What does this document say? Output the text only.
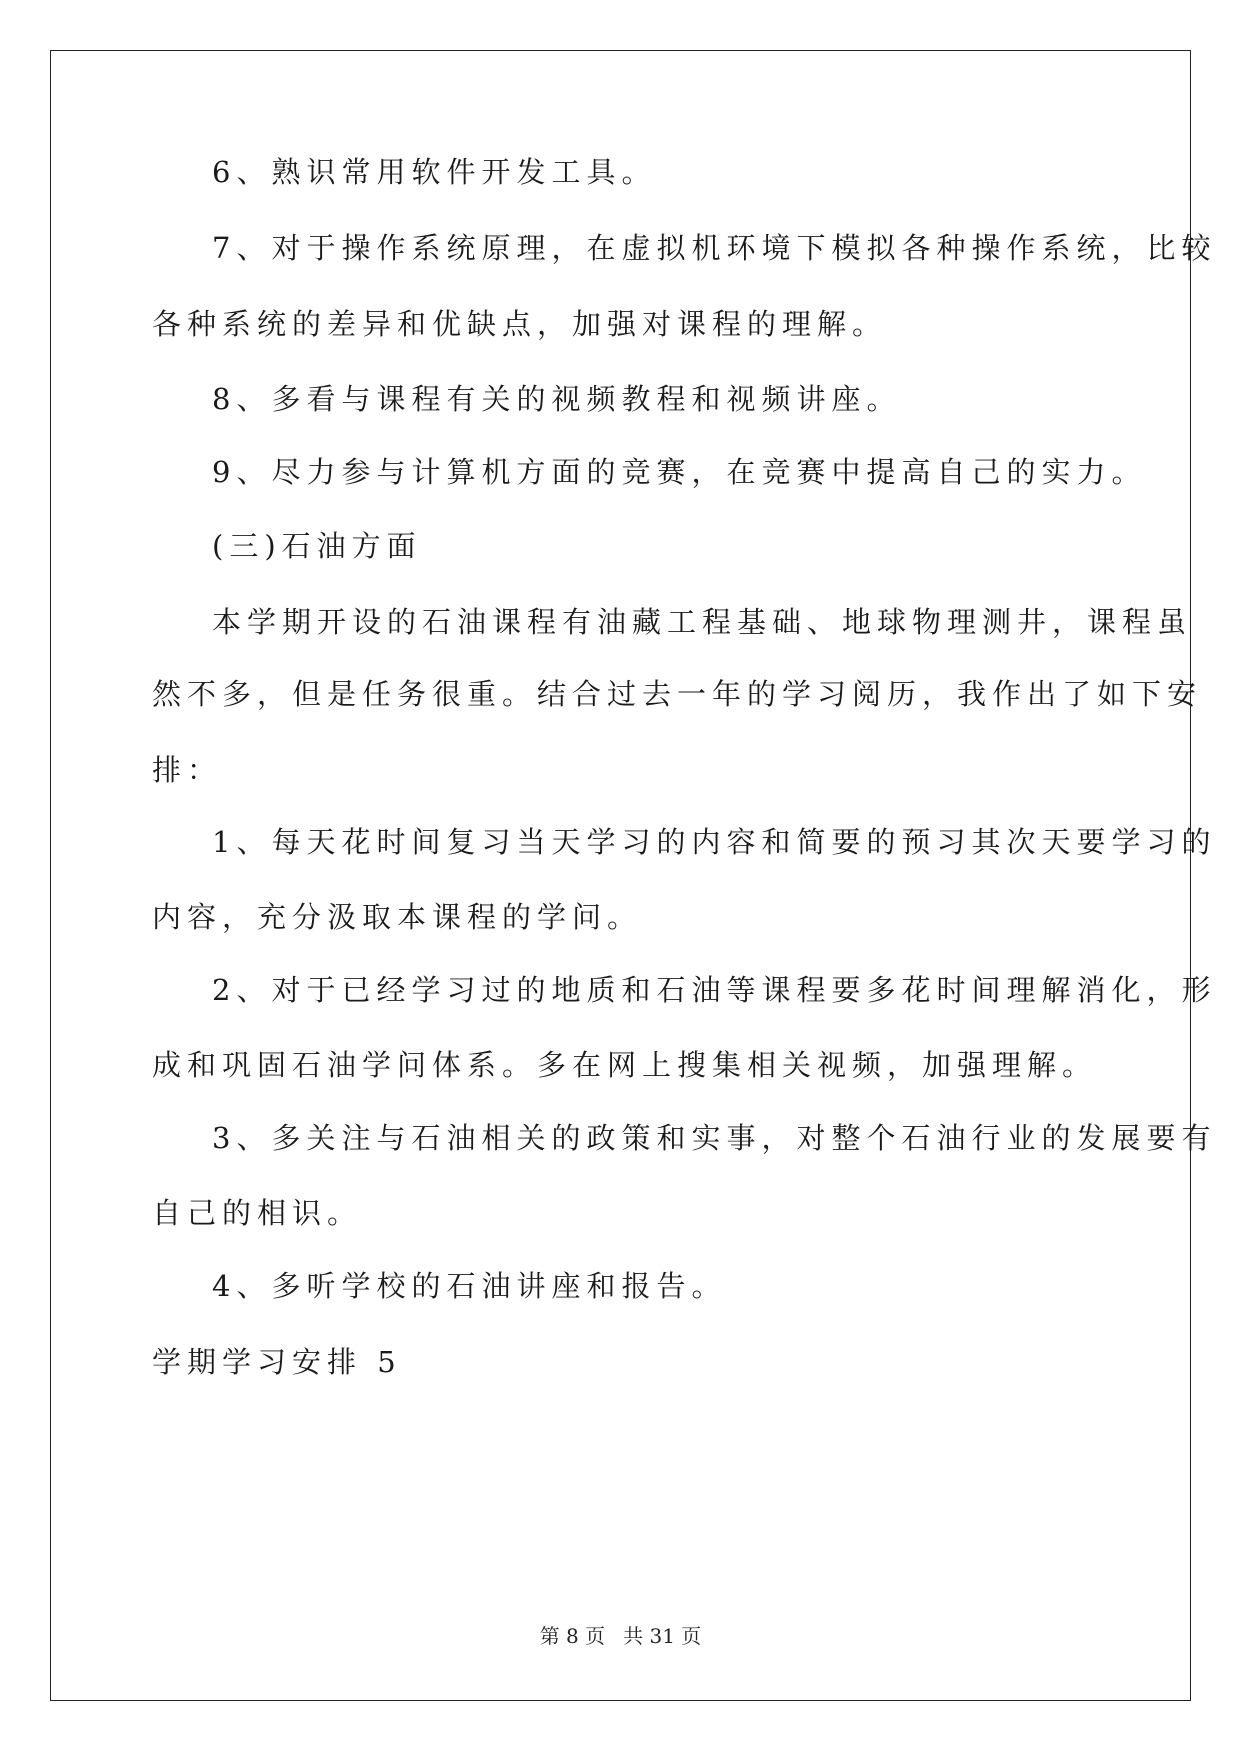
6、熟识常用软件开发工具。
7、对于操作系统原理，在虚拟机环境下模拟各种操作系统，比较
各种系统的差异和优缺点，加强对课程的理解。
8、多看与课程有关的视频教程和视频讲座。
9、尽力参与计算机方面的竞赛，在竞赛中提高自己的实力。
(三)石油方面
本学期开设的石油课程有油藏工程基础、地球物理测井，课程虽
然不多，但是任务很重。结合过去一年的学习阅历，我作出了如下安
排：
1、每天花时间复习当天学习的内容和简要的预习其次天要学习的
内容，充分汲取本课程的学问。
2、对于已经学习过的地质和石油等课程要多花时间理解消化，形
成和巩固石油学问体系。多在网上搜集相关视频，加强理解。
3、多关注与石油相关的政策和实事，对整个石油行业的发展要有
自己的相识。
4、多听学校的石油讲座和报告。
学期学习安排 5
第 8 页 共 31 页
